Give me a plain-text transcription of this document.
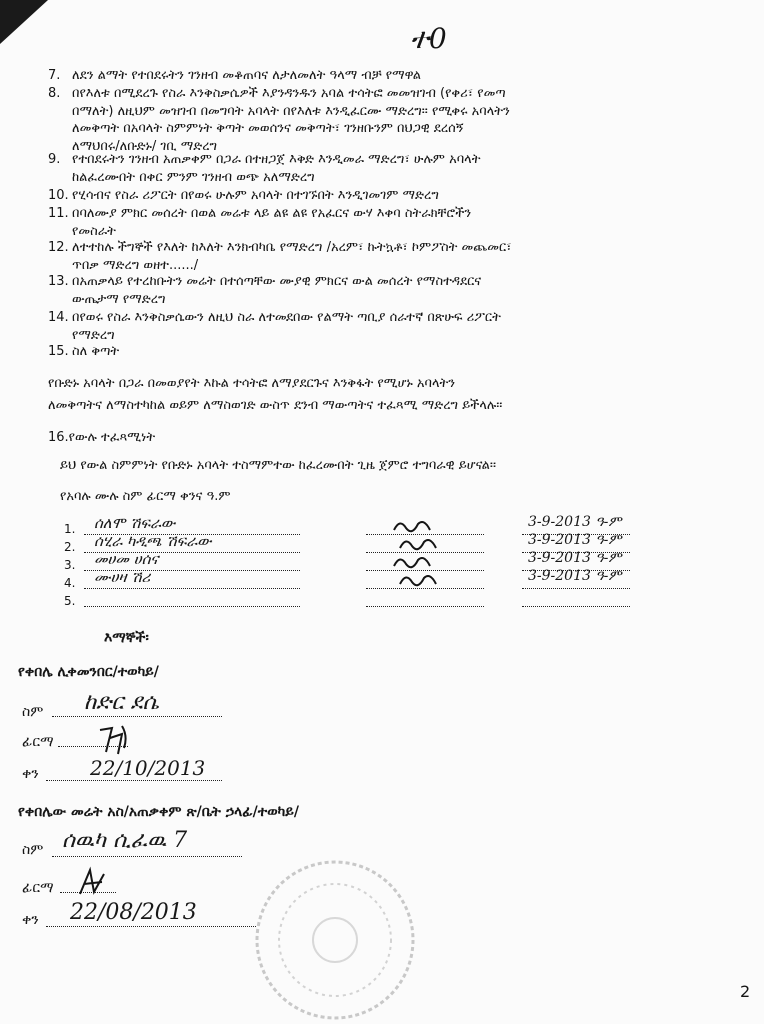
ተ0
7. ለደን ልማት የተበደሩትን ገንዘብ መቆጠባና ለታለመለት ዓላማ ብቻ የማዋል
8. በየእለቱ በሚደረጉ የስራ እንቅስቃሴዎች እያንዳንዱን አባል ተሳትፎ መመዝገብ (የቀሪ፣ የመጣ
በማለት) ለዚህም መዝገብ በመግባት አባላት በየእለቱ እንዲፈርሙ ማድረግ። የሚቀሩ አባላትን
ለመቅጣት በአባላት ስምምነት ቅጣት መወሰንና መቅጣት፣ ገንዘቡንም በህጋዊ ደረሰኝ
ለማህበሩ/ለቡድኑ/ ገቢ ማድረግ
9. የተበደሩትን ገንዘብ አጠቃቀም በጋራ በተዘጋጀ እቅድ እንዲመራ ማድረግ፣ ሁሉም አባላት
ከልፈረሙበት በቀር ምንም ገንዘብ ወጭ አለማድረግ
10. የሂሳብና የስራ ሪፖርት በየወሩ ሁሉም አባላት በተገኙበት እንዲገመገም ማድረግ
11. በባለሙያ ምክር መሰረት በወል መሬቱ ላይ ልዩ ልዩ የአፈርና ውሃ እቀባ ስትራክቸሮችን
የመስራት
12. ለተተከሉ ችግኞች የእለት ከእለት እንክብካቤ የማድረግ /አረም፣ ኩትኳቶ፣ ኮምፖስት መጨመር፣
ጥበቃ ማድረግ ወዘተ....../
13. በአጠቃላይ የተረከቡትን መሬት በተሰጣቸው ሙያዊ ምክርና ውል መሰረት የማስተዳደርና
ውጤታማ የማድረግ
14. በየወሩ የስራ እንቅስቃሴውን ለዚህ ስራ ለተመደበው የልማት ጣቢያ ሰራተኛ በጽሁፍ ሪፖርት
የማድረግ
15. ስለ ቅጣት
የቡድኑ አባላት በጋራ በመወያየት እኩል ተሳትፎ ለማያደርጉና እንቅፋት የሚሆኑ አባላትን
ለመቅጣትና ለማስተካከል ወይም ለማስወገድ ውስጥ ደንብ ማውጣትና ተፈጻሚ ማድረግ ይችላሉ፡፡
16.የውሉ ተፈጻሚነት
ይህ የውል ስምምነት የቡድኑ አባላት ተስማምተው ከፈረሙበት ጊዜ ጀምሮ ተግባራዊ ይሆናል፡፡
የአባሉ ሙሉ ስም ፊርማ ቀንና ዓ.ም
1. ሰለሞ ሽፍራው	3-9-2013 ዓ-ም
2. ሰሂራ ካዲጫ ሽፍራው	3-9-2013 ዓ-ም
3. መሀመ ሀሰና	3-9-2013 ዓ-ም
4. ሙሀዛ ሽሪ	3-9-2013 ዓ-ም
5.
እማኞች፡
የቀበሌ ሊቀመንበር/ተወካይ/
ስም ከድር ደሴ
ፊርማ
ቀን	22/10/2013
የቀበሌው መሬት አስ/አጠቃቀም ጽ/ቤት ኃላፊ/ተወካይ/
ስም ሰዉካ ሲፈዉ 7
ፊርማ
ቀን 22/08/2013
2
